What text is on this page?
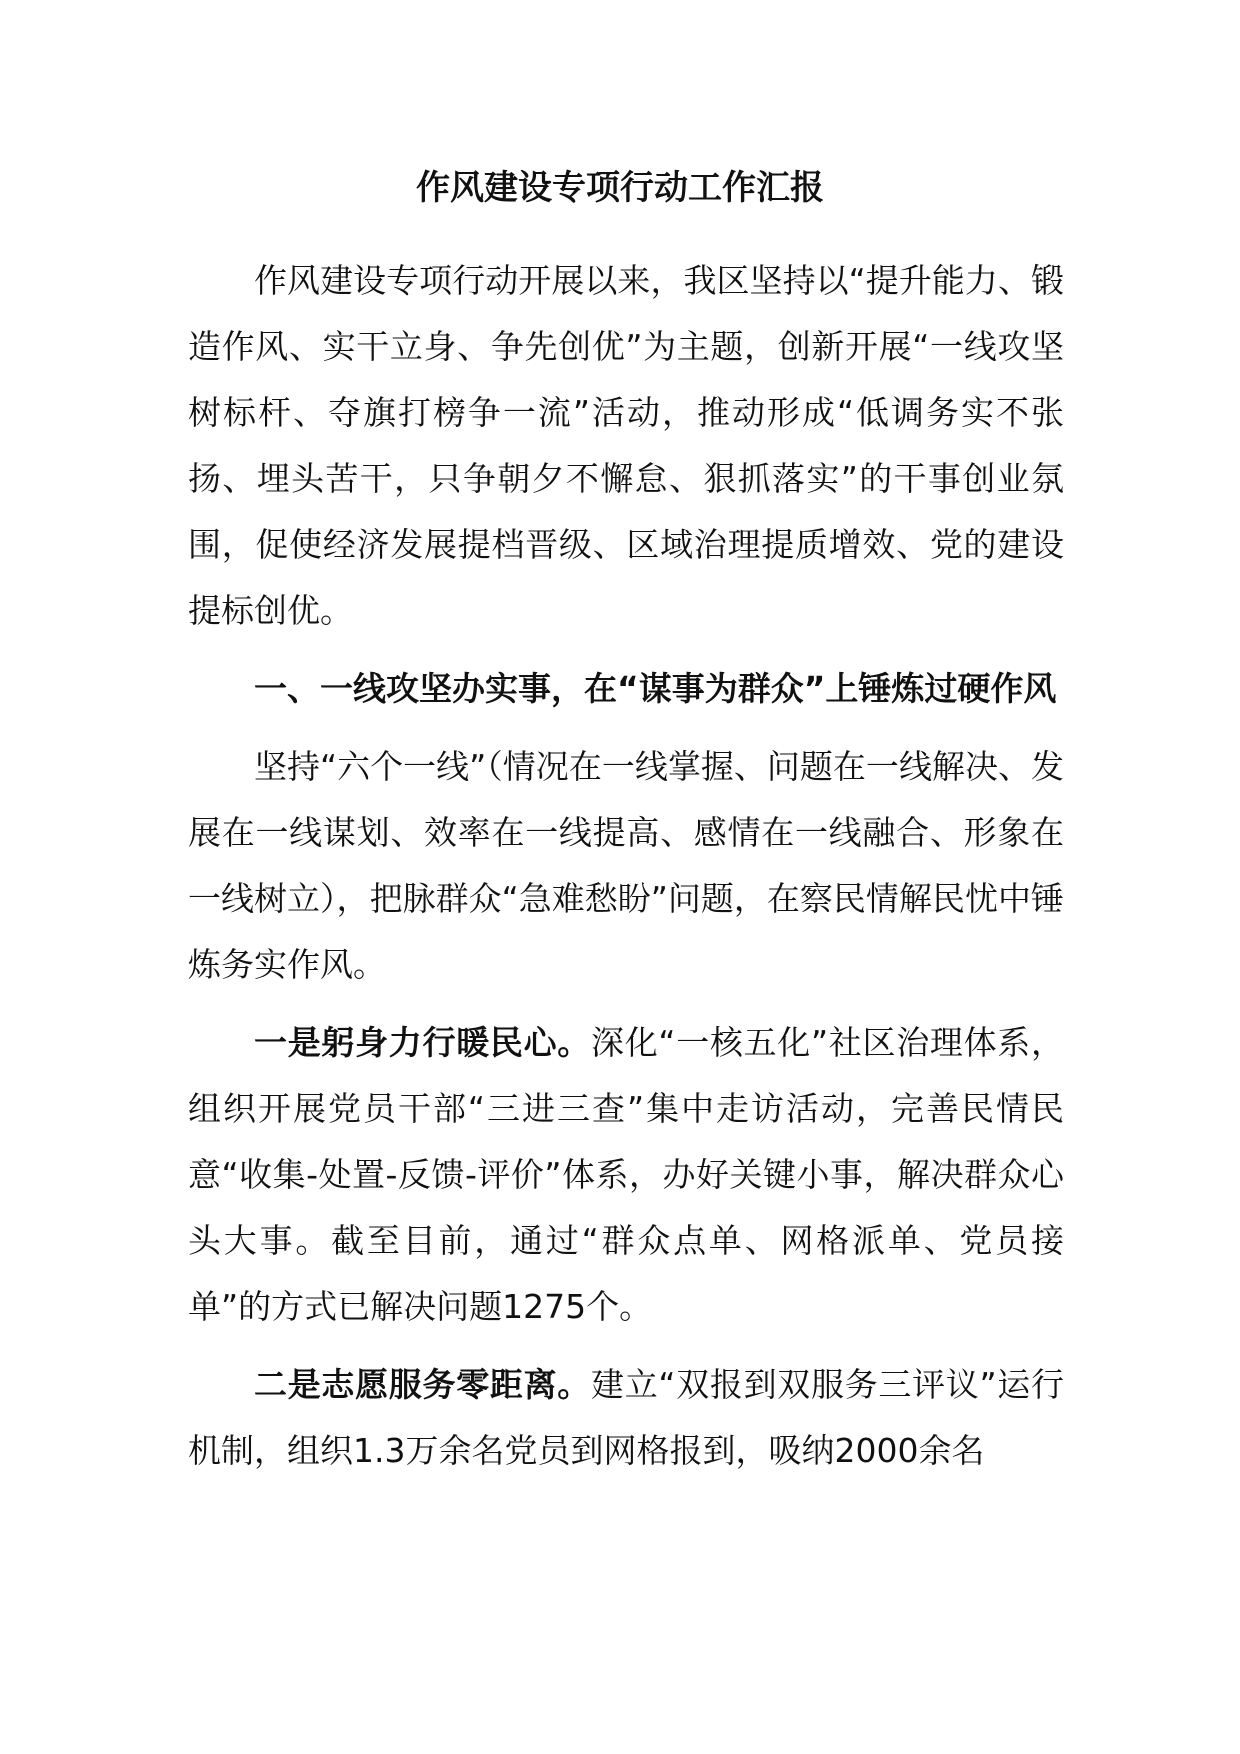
作风建设专项行动工作汇报

作风建设专项行动开展以来，我区坚持以“提升能力、锻造作风、实干立身、争先创优”为主题，创新开展“一线攻坚树标杆、夺旗打榜争一流”活动，推动形成“低调务实不张扬、埋头苦干，只争朝夕不懈怠、狠抓落实”的干事创业氛围，促使经济发展提档晋级、区域治理提质增效、党的建设提标创优。

一、一线攻坚办实事，在“谋事为群众”上锤炼过硬作风

坚持“六个一线”（情况在一线掌握、问题在一线解决、发展在一线谋划、效率在一线提高、感情在一线融合、形象在一线树立），把脉群众“急难愁盼”问题，在察民情解民忧中锤炼务实作风。

一是躬身力行暖民心。深化“一核五化”社区治理体系，组织开展党员干部“三进三查”集中走访活动，完善民情民意“收集-处置-反馈-评价”体系，办好关键小事，解决群众心头大事。截至目前，通过“群众点单、网格派单、党员接单”的方式已解决问题1275个。

二是志愿服务零距离。建立“双报到双服务三评议”运行机制，组织1.3万余名党员到网格报到，吸纳2000余名
